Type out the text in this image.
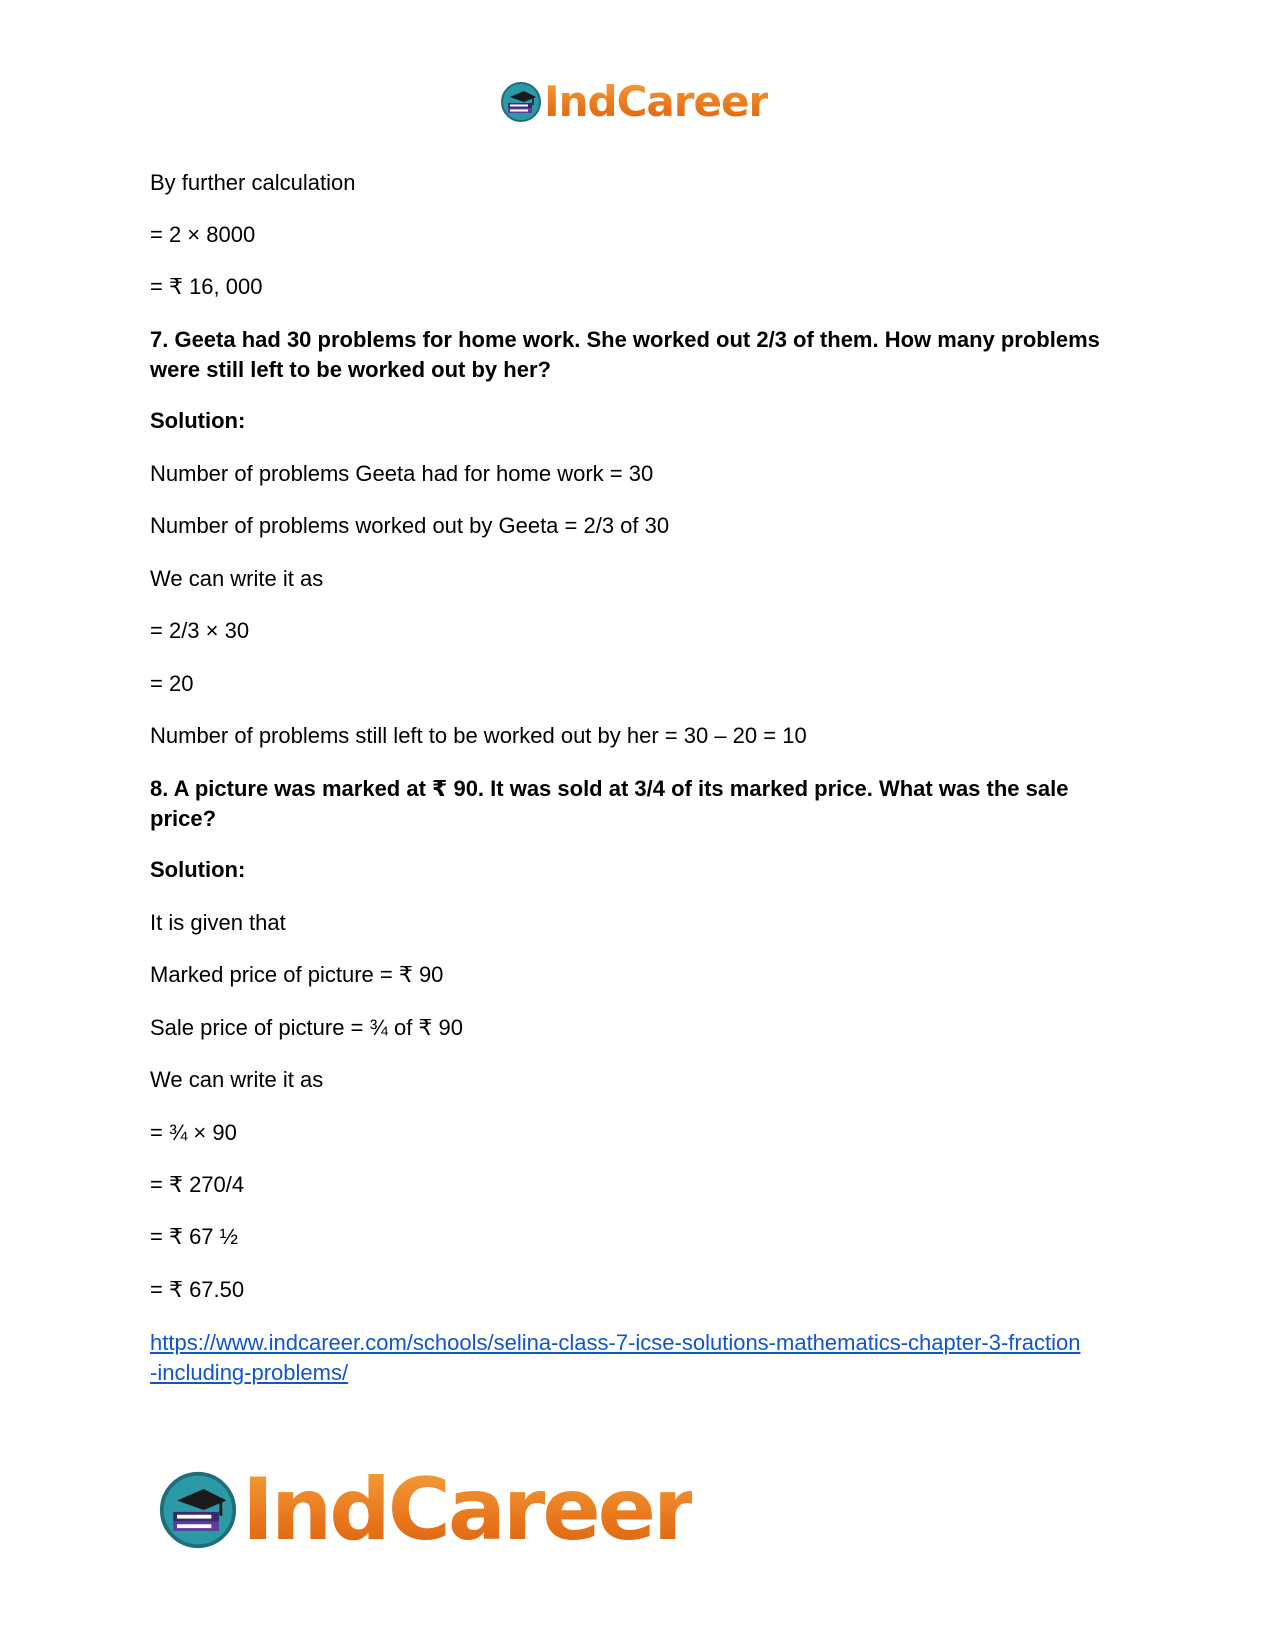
IndCareer
By further calculation
= 2 × 8000
= ₹ 16, 000
7. Geeta had 30 problems for home work. She worked out 2/3 of them. How many problems were still left to be worked out by her?
Solution:
Number of problems Geeta had for home work = 30
Number of problems worked out by Geeta = 2/3 of 30
We can write it as
= 2/3 × 30
= 20
Number of problems still left to be worked out by her = 30 – 20 = 10
8. A picture was marked at ₹ 90. It was sold at 3/4 of its marked price. What was the sale price?
Solution:
It is given that
Marked price of picture = ₹ 90
Sale price of picture = ¾ of ₹ 90
We can write it as
= ¾ × 90
= ₹ 270/4
= ₹ 67 ½
= ₹ 67.50
https://www.indcareer.com/schools/selina-class-7-icse-solutions-mathematics-chapter-3-fraction
-including-problems/
IndCareer
